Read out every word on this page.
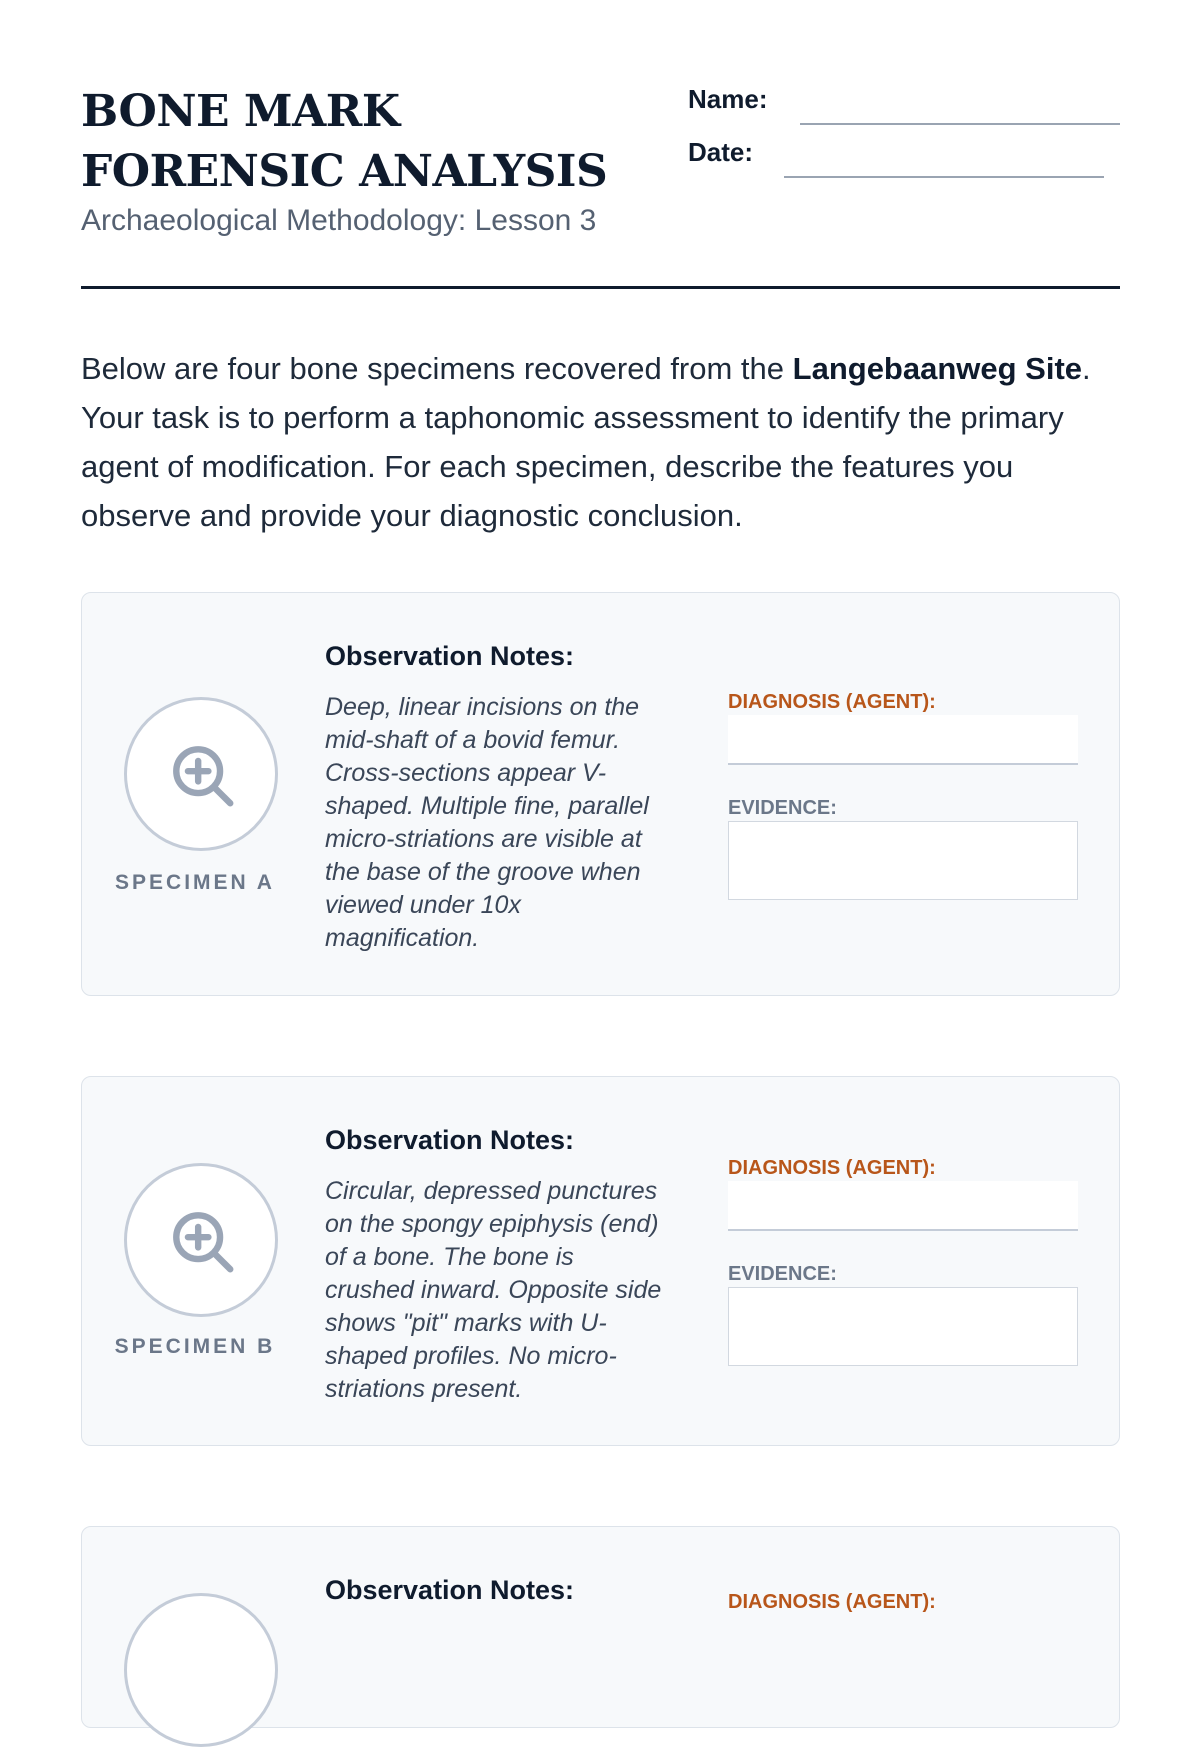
BONE MARK FORENSIC ANALYSIS
Archaeological Methodology: Lesson 3
Name:
Date:

Below are four bone specimens recovered from the Langebaanweg Site. Your task is to perform a taphonomic assessment to identify the primary agent of modification. For each specimen, describe the features you observe and provide your diagnostic conclusion.

SPECIMEN A
Observation Notes:
Deep, linear incisions on the mid-shaft of a bovid femur. Cross-sections appear V-shaped. Multiple fine, parallel micro-striations are visible at the base of the groove when viewed under 10x magnification.
DIAGNOSIS (AGENT):
EVIDENCE:
SPECIMEN B
Observation Notes:
Circular, depressed punctures on the spongy epiphysis (end) of a bone. The bone is crushed inward. Opposite side shows "pit" marks with U-shaped profiles. No micro-striations present.
DIAGNOSIS (AGENT):
EVIDENCE:
Observation Notes:	DIAGNOSIS (AGENT):
